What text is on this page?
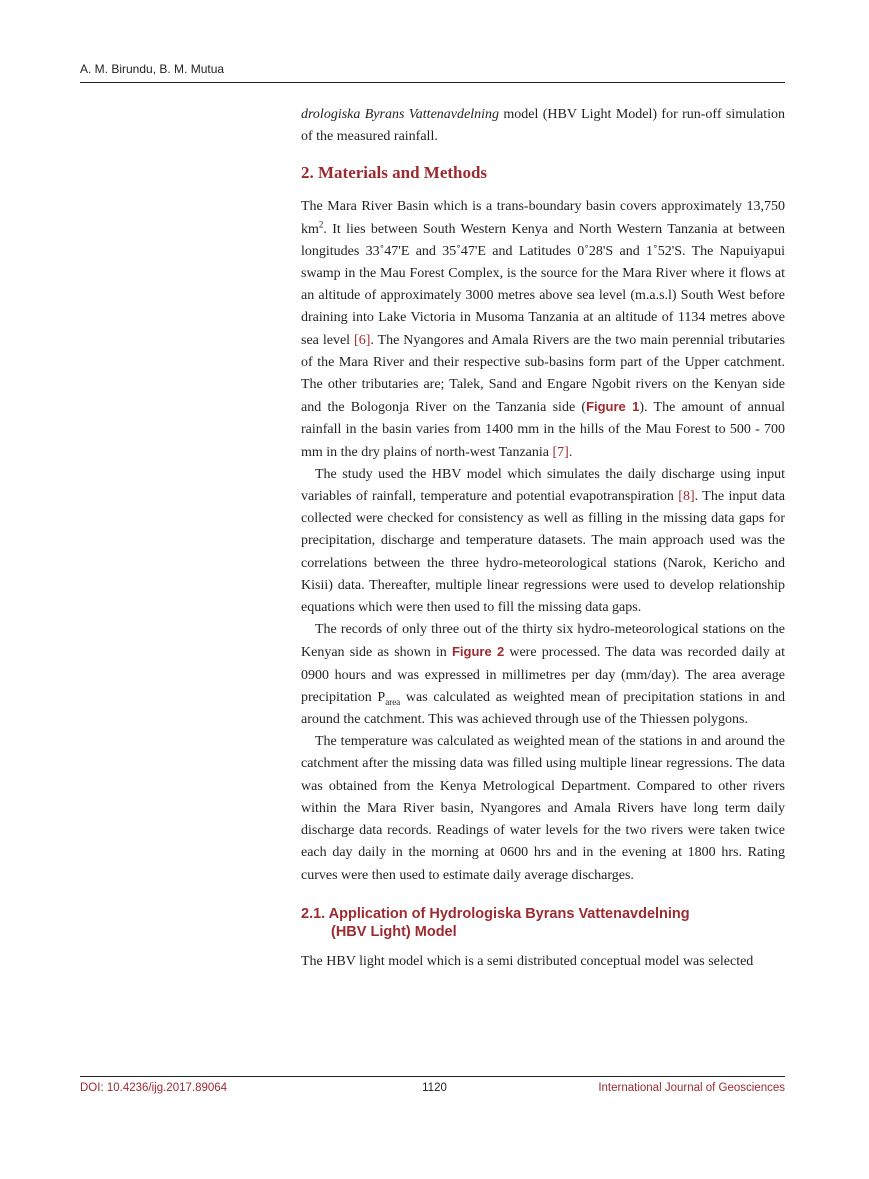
A. M. Birundu, B. M. Mutua

drologiska Byrans Vattenavdelning model (HBV Light Model) for run-off simulation of the measured rainfall.

2. Materials and Methods

The Mara River Basin which is a trans-boundary basin covers approximately 13,750 $km^2$. It lies between South Western Kenya and North Western Tanzania at between longitudes 33˚47'E and 35˚47'E and Latitudes 0˚28'S and 1˚52'S. The Napuiyapui swamp in the Mau Forest Complex, is the source for the Mara River where it flows at an altitude of approximately 3000 metres above sea level (m.a.s.l) South West before draining into Lake Victoria in Musoma Tanzania at an altitude of 1134 metres above sea level [6]. The Nyangores and Amala Rivers are the two main perennial tributaries of the Mara River and their respective sub-basins form part of the Upper catchment. The other tributaries are; Talek, Sand and Engare Ngobit rivers on the Kenyan side and the Bologonja River on the Tanzania side (Figure 1). The amount of annual rainfall in the basin varies from 1400 mm in the hills of the Mau Forest to 500 - 700 mm in the dry plains of north-west Tanzania [7].

The study used the HBV model which simulates the daily discharge using input variables of rainfall, temperature and potential evapotranspiration [8]. The input data collected were checked for consistency as well as filling in the missing data gaps for precipitation, discharge and temperature datasets. The main approach used was the correlations between the three hydro-meteorological stations (Narok, Kericho and Kisii) data. Thereafter, multiple linear regressions were used to develop relationship equations which were then used to fill the missing data gaps.

The records of only three out of the thirty six hydro-meteorological stations on the Kenyan side as shown in Figure 2 were processed. The data was recorded daily at 0900 hours and was expressed in millimetres per day (mm/day). The area average precipitation $P_{area}$ was calculated as weighted mean of precipitation stations in and around the catchment. This was achieved through use of the Thiessen polygons.

The temperature was calculated as weighted mean of the stations in and around the catchment after the missing data was filled using multiple linear regressions. The data was obtained from the Kenya Metrological Department. Compared to other rivers within the Mara River basin, Nyangores and Amala Rivers have long term daily discharge data records. Readings of water levels for the two rivers were taken twice each day daily in the morning at 0600 hrs and in the evening at 1800 hrs. Rating curves were then used to estimate daily average discharges.

2.1. Application of Hydrologiska Byrans Vattenavdelning
(HBV Light) Model

The HBV light model which is a semi distributed conceptual model was selected

DOI: 10.4236/ijg.2017.89064	1120	International Journal of Geosciences
